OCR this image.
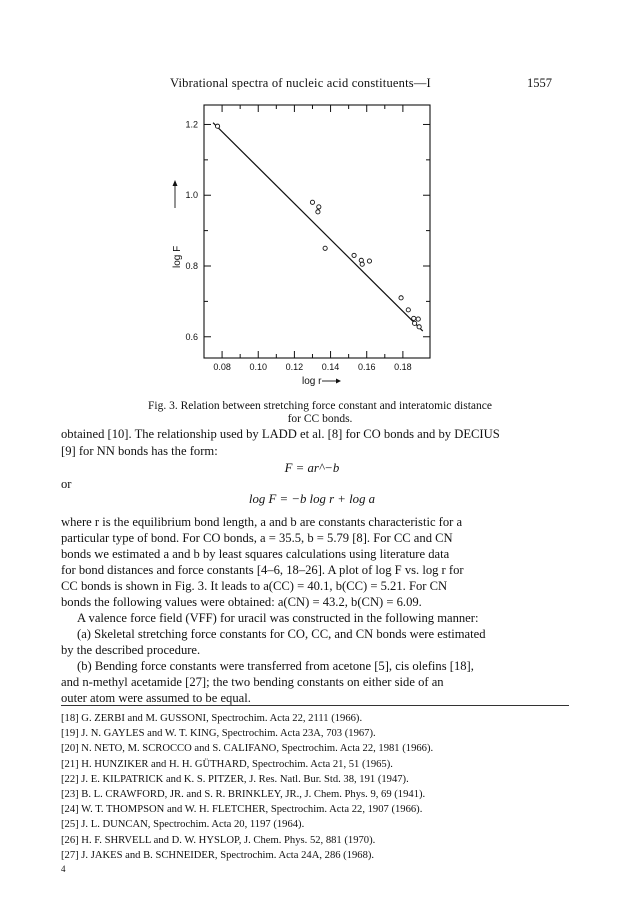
Vibrational spectra of nucleic acid constituents—I	1557
0.08 0.10 0.12 0.14 0.16 0.18
0.6
0.8
1.0
1.2
log r
log F
Fig. 3. Relation between stretching force constant and interatomic distance
for CC bonds.
obtained [10]. The relationship used by LADD et al. [8] for CO bonds and by DECIUS
[9] for NN bonds has the form:
F = ar^−b
or
log F = −b log r + log a
where r is the equilibrium bond length, a and b are constants characteristic for a
particular type of bond. For CO bonds, a = 35.5, b = 5.79 [8]. For CC and CN
bonds we estimated a and b by least squares calculations using literature data
for bond distances and force constants [4–6, 18–26]. A plot of log F vs. log r for
CC bonds is shown in Fig. 3. It leads to a(CC) = 40.1, b(CC) = 5.21. For CN
bonds the following values were obtained: a(CN) = 43.2, b(CN) = 6.09.
A valence force field (VFF) for uracil was constructed in the following manner:
(a) Skeletal stretching force constants for CO, CC, and CN bonds were estimated
by the described procedure.
(b) Bending force constants were transferred from acetone [5], cis olefins [18],
and n-methyl acetamide [27]; the two bending constants on either side of an
outer atom were assumed to be equal.
[18] G. ZERBI and M. GUSSONI, Spectrochim. Acta 22, 2111 (1966).
[19] J. N. GAYLES and W. T. KING, Spectrochim. Acta 23A, 703 (1967).
[20] N. NETO, M. SCROCCO and S. CALIFANO, Spectrochim. Acta 22, 1981 (1966).
[21] H. HUNZIKER and H. H. GÜTHARD, Spectrochim. Acta 21, 51 (1965).
[22] J. E. KILPATRICK and K. S. PITZER, J. Res. Natl. Bur. Std. 38, 191 (1947).
[23] B. L. CRAWFORD, JR. and S. R. BRINKLEY, JR., J. Chem. Phys. 9, 69 (1941).
[24] W. T. THOMPSON and W. H. FLETCHER, Spectrochim. Acta 22, 1907 (1966).
[25] J. L. DUNCAN, Spectrochim. Acta 20, 1197 (1964).
[26] H. F. SHRVELL and D. W. HYSLOP, J. Chem. Phys. 52, 881 (1970).
[27] J. JAKES and B. SCHNEIDER, Spectrochim. Acta 24A, 286 (1968).
4
